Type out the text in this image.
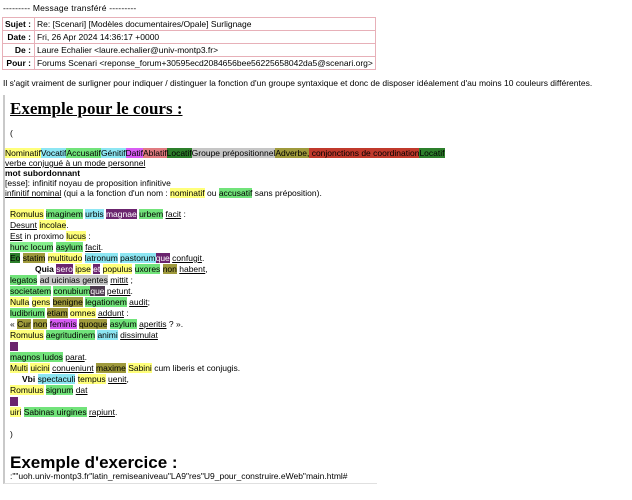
--------- Message transféré ---------
Sujet :	Re: [Scenari] [Modèles documentaires/Opale] Surlignage
Date :	Fri, 26 Apr 2024 14:36:17 +0000
De :	Laure Echalier <laure.echalier@univ-montp3.fr>
Pour :	Forums Scenari <reponse_forum+30595ecd2084656bee56225658042da5@scenari.org>
Il s'agit vraiment de surligner pour indiquer / distinguer la fonction d'un groupe syntaxique et donc de disposer idéalement d'au moins 10 couleurs différentes.
Exemple pour le cours :
(
NominatifVocatifAccusatifGénitifDatifAblatifLocatifGroupe prépositionnelAdverbe, conjonctions de coordinationLocatif
verbe conjugué à un mode personnel
mot subordonnant
[esse]: infinitif noyau de proposition infinitive
infinitif nominal (qui a la fonction d'un nom : nominatif ou accusatif sans préposition).
Romulus imaginem urbis magnae urbem facit :
Desunt incolae.
Est in proximo lucus :
hunc locum asylum facit.
Eo statim multitudo latronum pastorumque confugit.
Quia sero ipse et populus uxores non habent,
legatos ad uicinias gentes mittit ;
societatem conubiumque petunt.
Nulla gens benigne legationem audit;
ludibrium etiam omnes addunt :
« Cur non feminis quoque asylum aperitis ? ».
Romulus aegritudinem animi dissimulat
magnos ludos parat.
Multi uicini conueniunt maxime Sabini cum liberis et conjugis.
Vbi spectaculi tempus uenit,
Romulus signum dat
uiri Sabinas uirgines rapiunt.
)
Exemple d'exercice :
:""uoh.univ-montp3.fr"latin_remiseaniveau"LA9"res"U9_pour_construire.eWeb"main.html#
